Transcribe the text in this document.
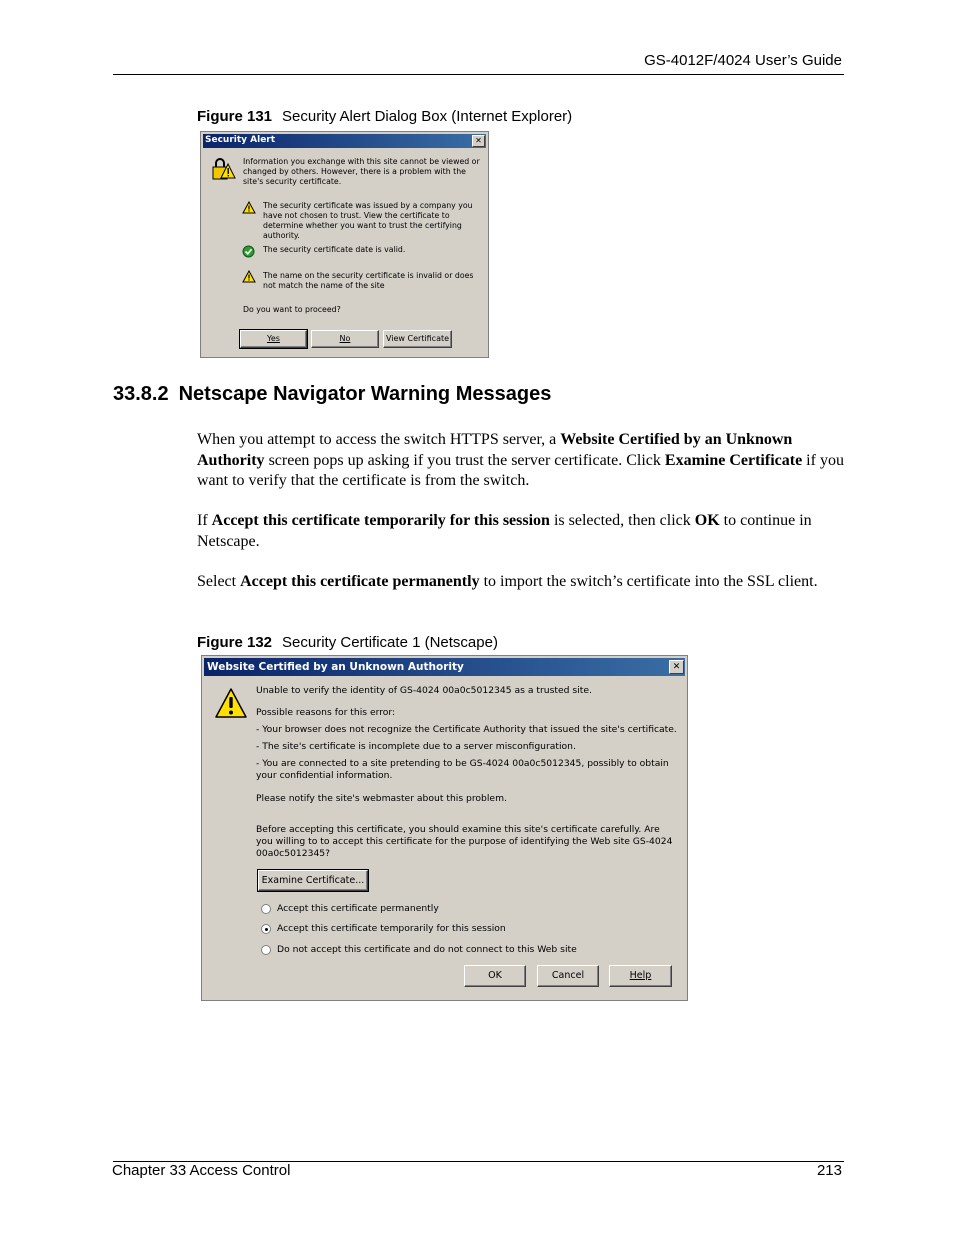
GS-4012F/4024 User’s Guide
Figure 131 Security Alert Dialog Box (Internet Explorer)
Security Alert	✕
Information you exchange with this site cannot be viewed or changed by others. However, there is a problem with the site's security certificate.
The security certificate was issued by a company you have not chosen to trust. View the certificate to determine whether you want to trust the certifying authority.
The security certificate date is valid.
The name on the security certificate is invalid or does not match the name of the site
Do you want to proceed?
Yes	No	View Certificate
33.8.2 Netscape Navigator Warning Messages
When you attempt to access the switch HTTPS server, a Website Certified by an Unknown Authority screen pops up asking if you trust the server certificate. Click Examine Certificate if you want to verify that the certificate is from the switch.
If Accept this certificate temporarily for this session is selected, then click OK to continue in Netscape.
Select Accept this certificate permanently to import the switch’s certificate into the SSL client.
Figure 132 Security Certificate 1 (Netscape)
Website Certified by an Unknown Authority	✕
Unable to verify the identity of GS-4024 00a0c5012345 as a trusted site.
Possible reasons for this error:
- Your browser does not recognize the Certificate Authority that issued the site's certificate.
- The site's certificate is incomplete due to a server misconfiguration.
- You are connected to a site pretending to be GS-4024 00a0c5012345, possibly to obtain your confidential information.
Please notify the site's webmaster about this problem.
Before accepting this certificate, you should examine this site's certificate carefully. Are you willing to to accept this certificate for the purpose of identifying the Web site GS-4024 00a0c5012345?
Examine Certificate...
Accept this certificate permanently
Accept this certificate temporarily for this session
Do not accept this certificate and do not connect to this Web site
OK	Cancel	Help
Chapter 33 Access Control	213
